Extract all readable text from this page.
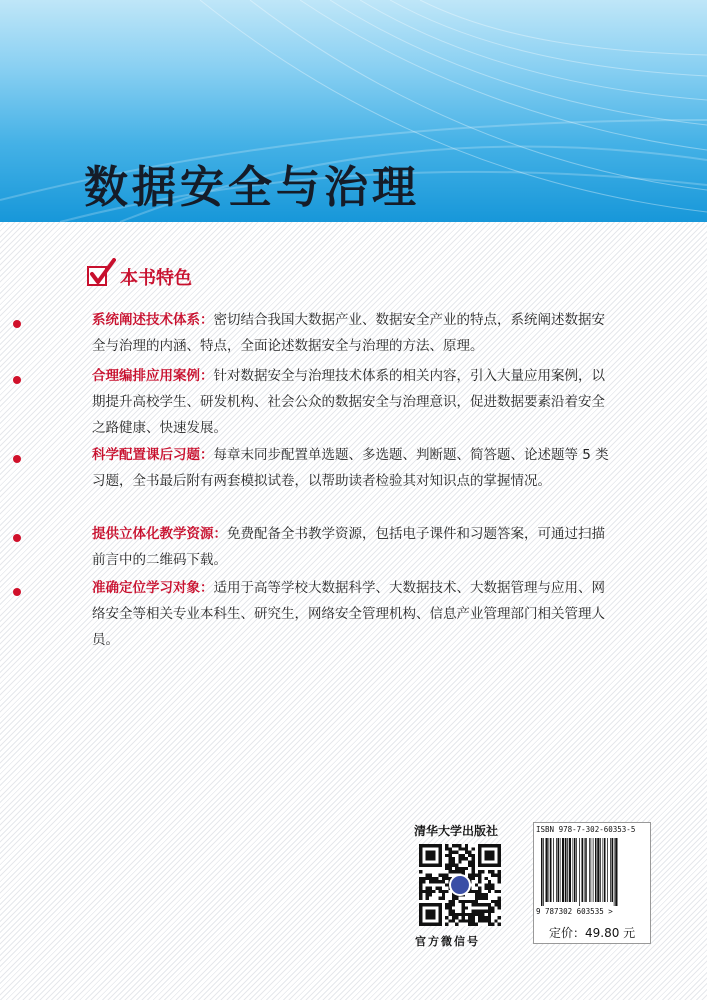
数据安全与治理
本书特色
系统阐述技术体系：密切结合我国大数据产业、数据安全产业的特点，系统阐述数据安全与治理的内涵、特点，全面论述数据安全与治理的方法、原理。
合理编排应用案例：针对数据安全与治理技术体系的相关内容，引入大量应用案例，以期提升高校学生、研发机构、社会公众的数据安全与治理意识，促进数据要素沿着安全之路健康、快速发展。
科学配置课后习题：每章末同步配置单选题、多选题、判断题、简答题、论述题等 5 类习题，全书最后附有两套模拟试卷，以帮助读者检验其对知识点的掌握情况。
提供立体化教学资源：免费配备全书教学资源，包括电子课件和习题答案，可通过扫描前言中的二维码下载。
准确定位学习对象：适用于高等学校大数据科学、大数据技术、大数据管理与应用、网络安全等相关专业本科生、研究生，网络安全管理机构、信息产业管理部门相关管理人员。
清华大学出版社
官方微信号
ISBN 978-7-302-60353-5
9 787302 603535 >
定价：49.80 元
